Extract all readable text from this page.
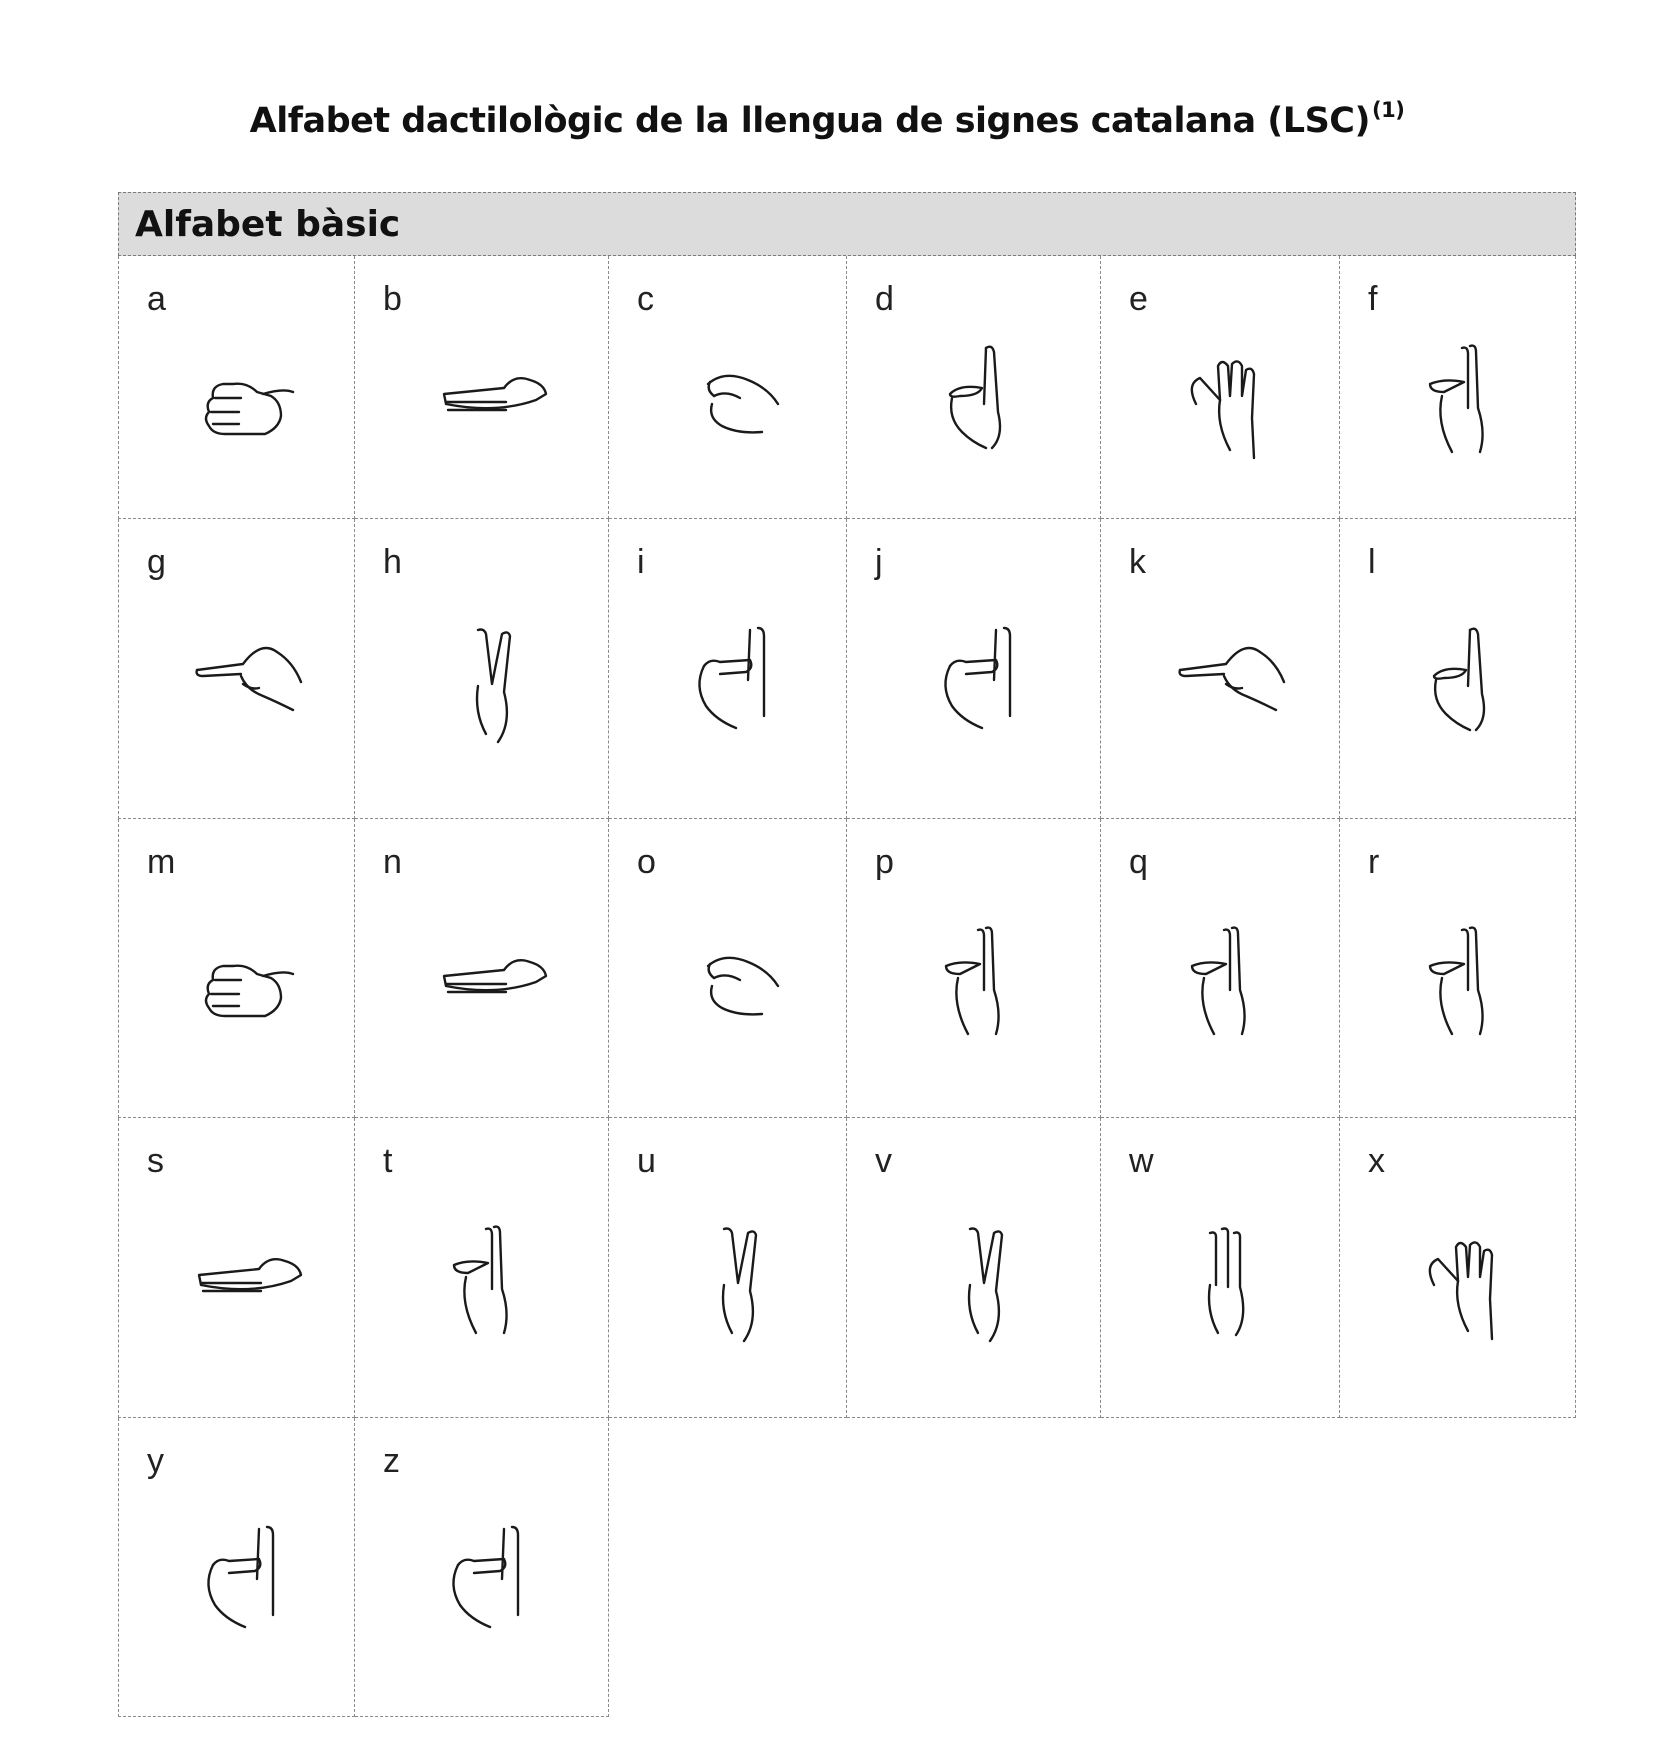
Alfabet dactilològic de la llengua de signes catalana (LSC)$^{(1)}$
Alfabet bàsic
a	b	c	d	e	f
g	h	i	j	k	l
m	n	o	p	q	r
s	t	u	v	w	x
y	z
